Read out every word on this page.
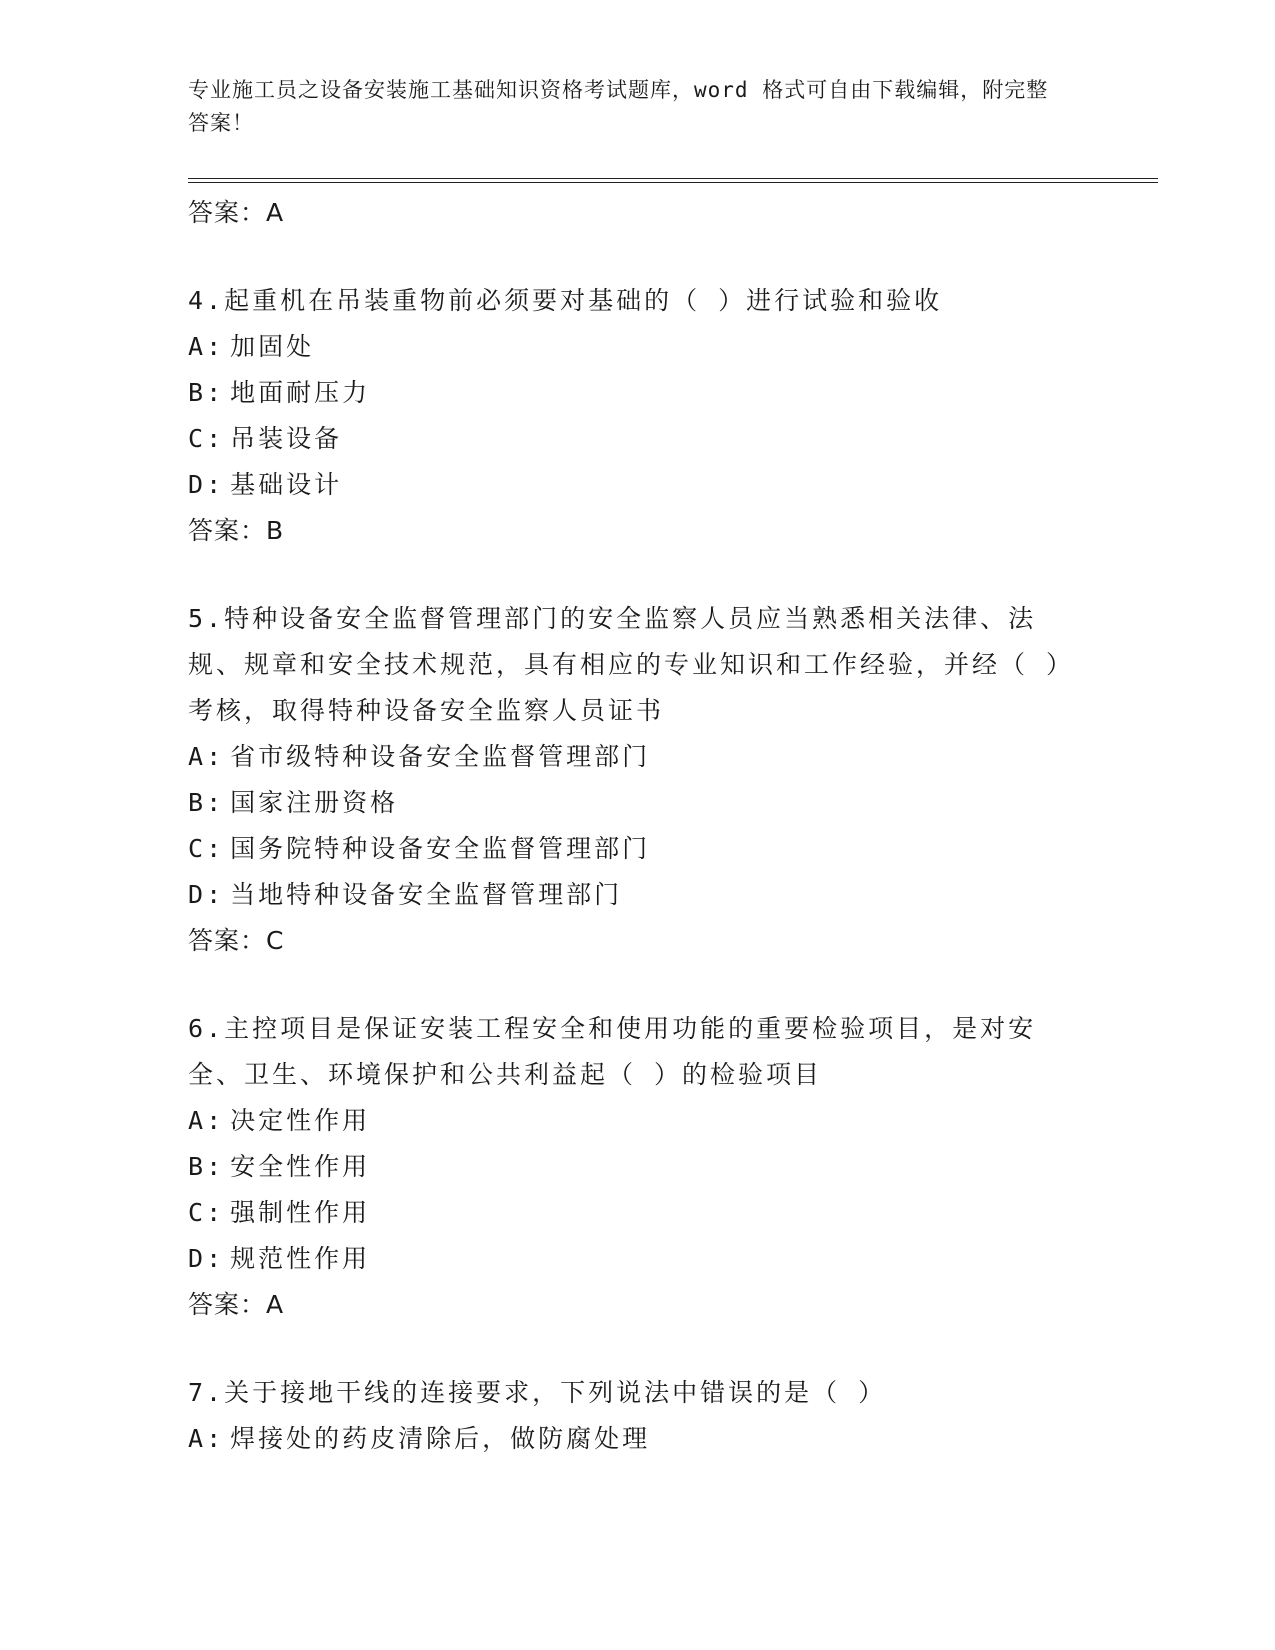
专业施工员之设备安装施工基础知识资格考试题库，word 格式可自由下载编辑，附完整答案！
答案：A
4.起重机在吊装重物前必须要对基础的（ ）进行试验和验收
A: 加固处
B: 地面耐压力
C: 吊装设备
D: 基础设计
答案：B
5.特种设备安全监督管理部门的安全监察人员应当熟悉相关法律、法规、规章和安全技术规范，具有相应的专业知识和工作经验，并经（ ）考核，取得特种设备安全监察人员证书
A: 省市级特种设备安全监督管理部门
B: 国家注册资格
C: 国务院特种设备安全监督管理部门
D: 当地特种设备安全监督管理部门
答案：C
6.主控项目是保证安装工程安全和使用功能的重要检验项目，是对安全、卫生、环境保护和公共利益起（ ）的检验项目
A: 决定性作用
B: 安全性作用
C: 强制性作用
D: 规范性作用
答案：A
7.关于接地干线的连接要求，下列说法中错误的是（ ）
A: 焊接处的药皮清除后，做防腐处理
